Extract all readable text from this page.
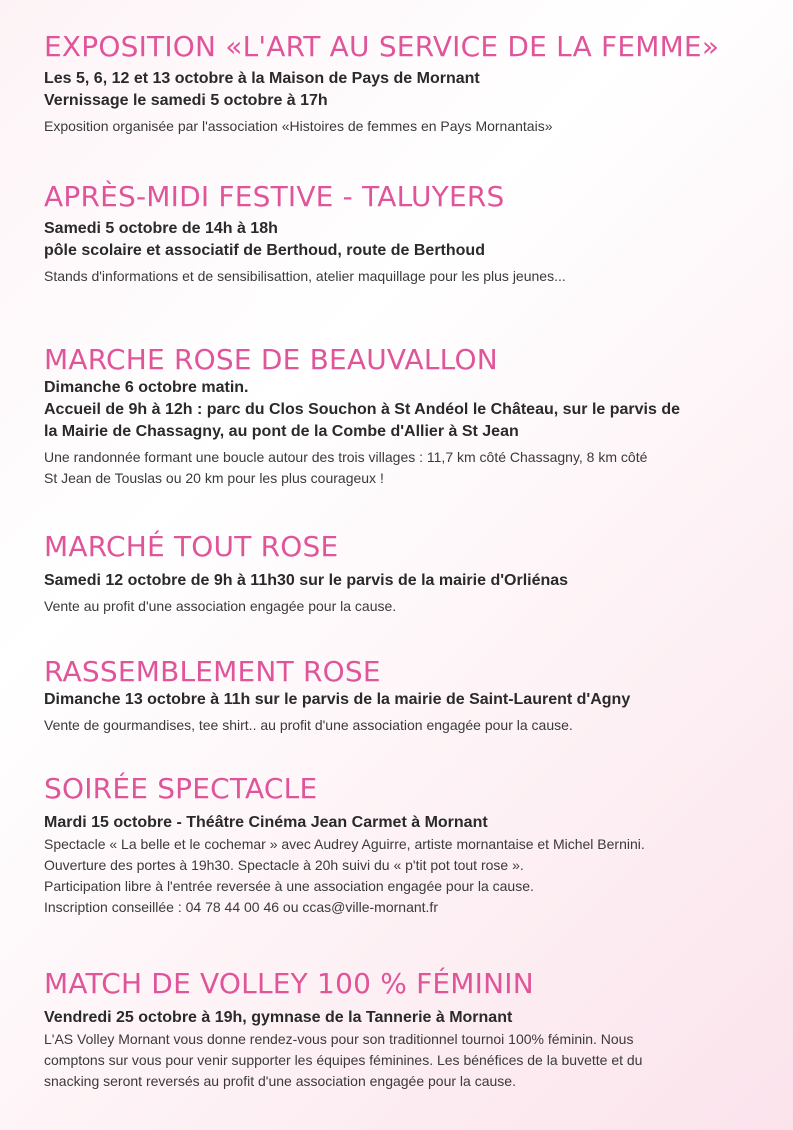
EXPOSITION «L'ART AU SERVICE DE LA FEMME»

Les 5, 6, 12 et 13 octobre à la Maison de Pays de Mornant

Vernissage le samedi 5 octobre à 17h

Exposition organisée par l'association «Histoires de femmes en Pays Mornantais»

APRÈS-MIDI FESTIVE - TALUYERS

Samedi 5 octobre de 14h à 18h

pôle scolaire et associatif de Berthoud, route de Berthoud

Stands d'informations et de sensibilisattion, atelier maquillage pour les plus jeunes...

MARCHE ROSE DE BEAUVALLON

Dimanche 6 octobre matin.

Accueil de 9h à 12h : parc du Clos Souchon à St Andéol le Château, sur le parvis de

la Mairie de Chassagny, au pont de la Combe d'Allier à St Jean

Une randonnée formant une boucle autour des trois villages : 11,7 km côté Chassagny, 8 km côté

St Jean de Touslas ou 20 km pour les plus courageux !

MARCHÉ TOUT ROSE

Samedi 12 octobre de 9h à 11h30 sur le parvis de la mairie d'Orliénas

Vente au profit d'une association engagée pour la cause.

RASSEMBLEMENT ROSE

Dimanche 13 octobre à 11h sur le parvis de la mairie de Saint-Laurent d'Agny

Vente de gourmandises, tee shirt.. au profit d'une association engagée pour la cause.

SOIRÉE SPECTACLE

Mardi 15 octobre - Théâtre Cinéma Jean Carmet à Mornant

Spectacle « La belle et le cochemar » avec Audrey Aguirre, artiste mornantaise et Michel Bernini.

Ouverture des portes à 19h30. Spectacle à 20h suivi du « p'tit pot tout rose ».

Participation libre à l'entrée reversée à une association engagée pour la cause.

Inscription conseillée : 04 78 44 00 46 ou ccas@ville-mornant.fr

MATCH DE VOLLEY 100 % FÉMININ

Vendredi 25 octobre à 19h, gymnase de la Tannerie à Mornant

L'AS Volley Mornant vous donne rendez-vous pour son traditionnel tournoi 100% féminin. Nous

comptons sur vous pour venir supporter les équipes féminines. Les bénéfices de la buvette et du

snacking seront reversés au profit d'une association engagée pour la cause.
